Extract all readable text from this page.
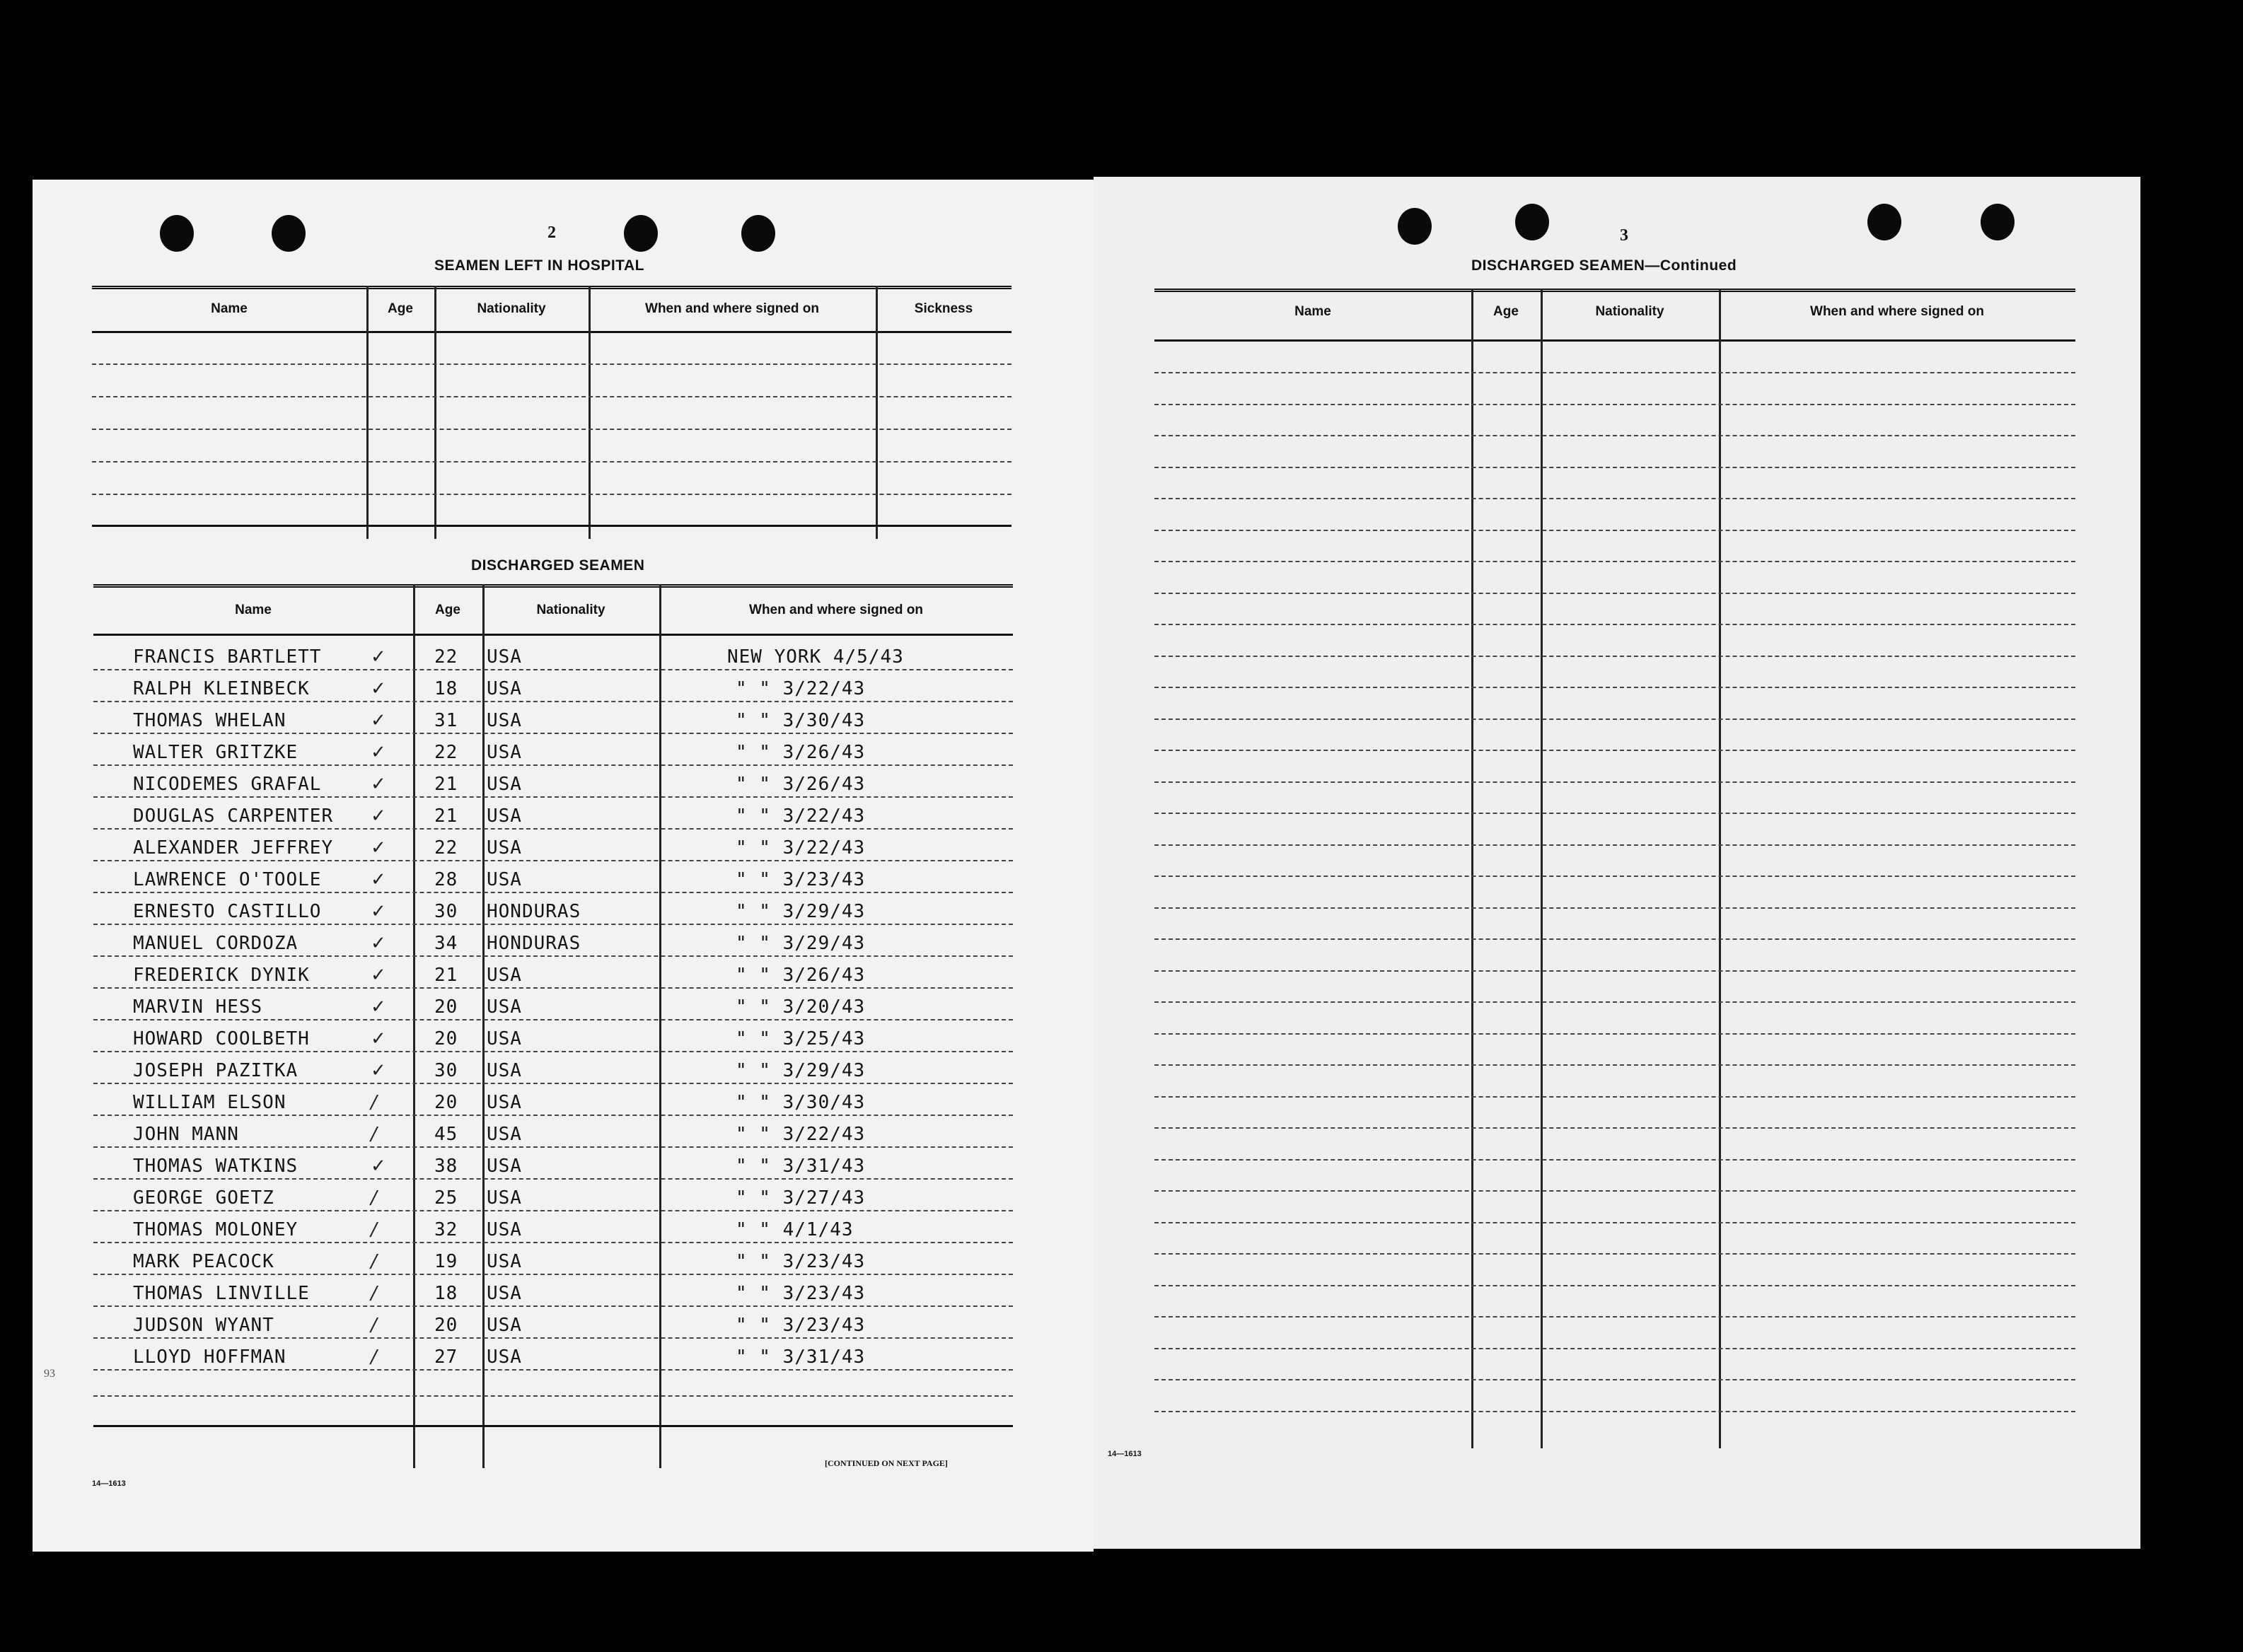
2
SEAMEN LEFT IN HOSPITAL
Name	Age	Nationality	When and where signed on	Sickness
DISCHARGED SEAMEN
Name	Age	Nationality	When and where signed on
FRANCIS BARTLETT	✓	22 USA	NEW YORK 4/5/43
RALPH KLEINBECK	✓	18 USA	" " 3/22/43
THOMAS WHELAN	✓	31 USA	" " 3/30/43
WALTER GRITZKE	✓	22 USA	" " 3/26/43
NICODEMES GRAFAL	✓	21 USA	" " 3/26/43
DOUGLAS CARPENTER ✓	21 USA	" " 3/22/43
ALEXANDER JEFFREY ✓	22 USA	" " 3/22/43
LAWRENCE O'TOOLE	✓	28 USA	" " 3/23/43
ERNESTO CASTILLO	✓	30 HONDURAS	" " 3/29/43
MANUEL CORDOZA	✓	34 HONDURAS	" " 3/29/43
FREDERICK DYNIK	✓	21 USA	" " 3/26/43
MARVIN HESS	✓	20 USA	" " 3/20/43
HOWARD COOLBETH	✓	20 USA	" " 3/25/43
JOSEPH PAZITKA	✓	30 USA	" " 3/29/43
WILLIAM ELSON	/	20 USA	" " 3/30/43
JOHN MANN	/	45 USA	" " 3/22/43
THOMAS WATKINS	✓	38 USA	" " 3/31/43
GEORGE GOETZ	/	25 USA	" " 3/27/43
THOMAS MOLONEY	/	32 USA	" " 4/1/43
MARK PEACOCK	/	19 USA	" " 3/23/43
THOMAS LINVILLE	/	18 USA	" " 3/23/43
JUDSON WYANT	/	20 USA	" " 3/23/43
LLOYD HOFFMAN	/	27 USA	" " 3/31/43
93
14—1613
[CONTINUED ON NEXT PAGE]
3
DISCHARGED SEAMEN—Continued
Name	Age	Nationality	When and where signed on
14—1613
